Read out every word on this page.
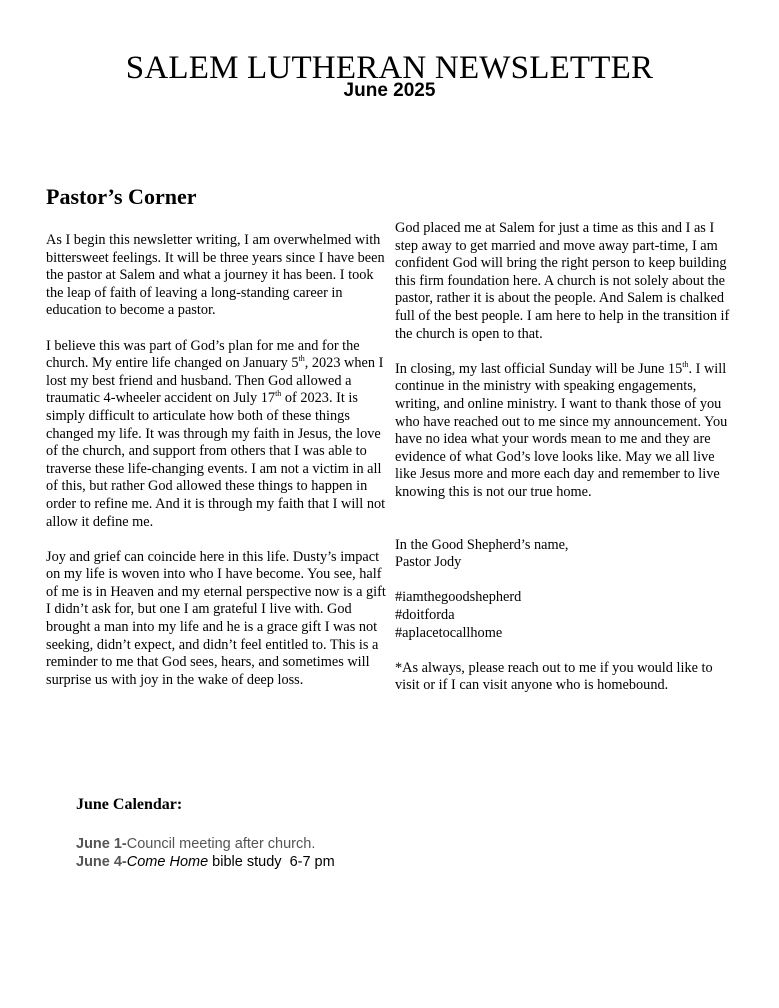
SALEM LUTHERAN NEWSLETTER
June 2025
Pastor’s Corner

As I begin this newsletter writing, I am overwhelmed with bittersweet feelings. It will be three years since I have been the pastor at Salem and what a journey it has been. I took the leap of faith of leaving a long-standing career in education to become a pastor.

I believe this was part of God’s plan for me and for the church. My entire life changed on January 5th, 2023 when I lost my best friend and husband. Then God allowed a traumatic 4-wheeler accident on July 17th of 2023. It is simply difficult to articulate how both of these things changed my life. It was through my faith in Jesus, the love of the church, and support from others that I was able to traverse these life-changing events. I am not a victim in all of this, but rather God allowed these things to happen in order to refine me. And it is through my faith that I will not allow it define me.

Joy and grief can coincide here in this life. Dusty’s impact on my life is woven into who I have become. You see, half of me is in Heaven and my eternal perspective now is a gift I didn’t ask for, but one I am grateful I live with. God brought a man into my life and he is a grace gift I was not seeking, didn’t expect, and didn’t feel entitled to. This is a reminder to me that God sees, hears, and sometimes will surprise us with joy in the wake of deep loss.

God placed me at Salem for just a time as this and I as I step away to get married and move away part-time, I am confident God will bring the right person to keep building this firm foundation here. A church is not solely about the pastor, rather it is about the people. And Salem is chalked full of the best people. I am here to help in the transition if the church is open to that.

In closing, my last official Sunday will be June 15th. I will continue in the ministry with speaking engagements, writing, and online ministry. I want to thank those of you who have reached out to me since my announcement. You have no idea what your words mean to me and they are evidence of what God’s love looks like. May we all live like Jesus more and more each day and remember to live knowing this is not our true home.

In the Good Shepherd’s name,
Pastor Jody
#iamthegoodshepherd
#doitforda
#aplacetocallhome
*As always, please reach out to me if you would like to visit or if I can visit anyone who is homebound.
June Calendar:
June 1-Council meeting after church.
June 4-Come Home bible study  6-7 pm
